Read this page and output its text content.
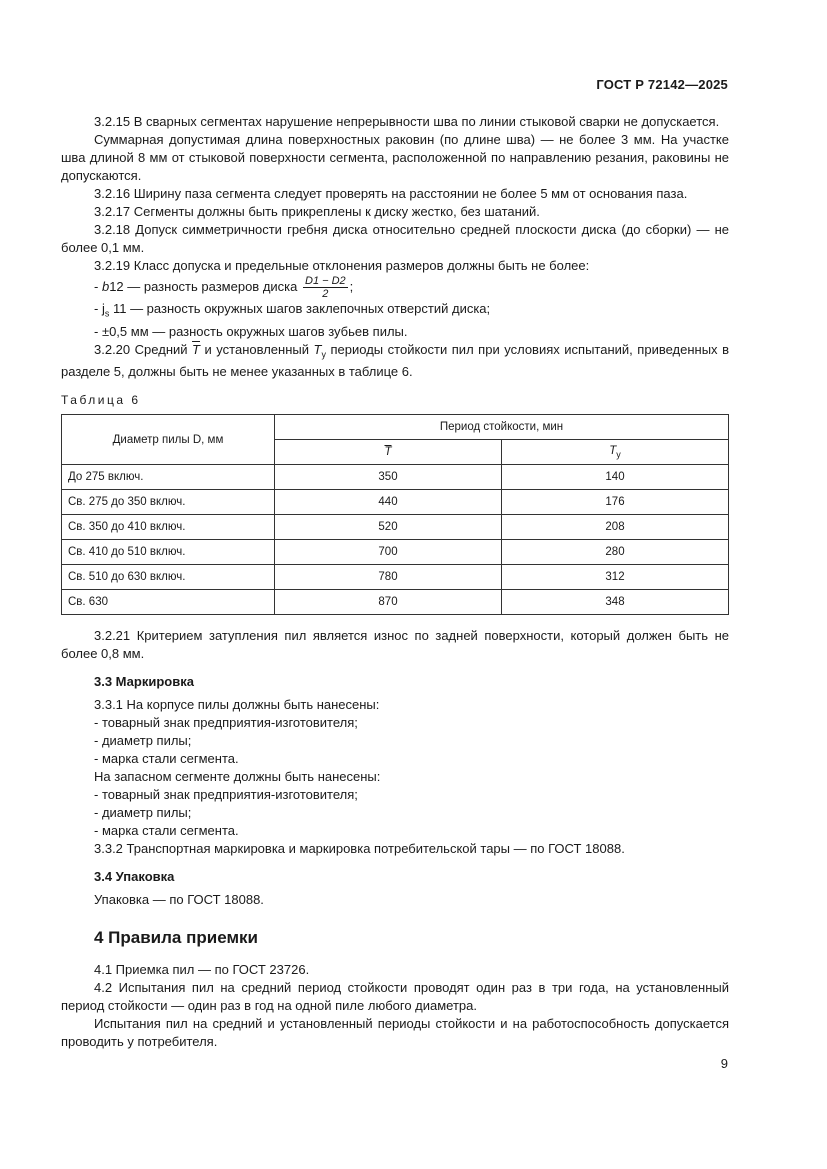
ГОСТ Р 72142—2025

3.2.15 В сварных сегментах нарушение непрерывности шва по линии стыковой сварки не допускается.

Суммарная допустимая длина поверхностных раковин (по длине шва) — не более 3 мм. На участке шва длиной 8 мм от стыковой поверхности сегмента, расположенной по направлению резания, раковины не допускаются.

3.2.16 Ширину паза сегмента следует проверять на расстоянии не более 5 мм от основания паза.

3.2.17 Сегменты должны быть прикреплены к диску жестко, без шатаний.

3.2.18 Допуск симметричности гребня диска относительно средней плоскости диска (до сборки) — не более 0,1 мм.

3.2.19 Класс допуска и предельные отклонения размеров должны быть не более:

- b12 — разность размеров диска $\frac{D1 - D2}{2}$ ;

- $j_s$ 11 — разность окружных шагов заклепочных отверстий диска;

- ±0,5 мм — разность окружных шагов зубьев пилы.

3.2.20 Средний $\overline{T}$ и установленный $T_у$ периоды стойкости пил при условиях испытаний, приведенных в разделе 5, должны быть не менее указанных в таблице 6.

Таблица 6

Диаметр пилы D, мм	Период стойкости, мин	
	$\overline{T}$	$T_у$
До 275 включ.	350	140
Св. 275 до 350 включ.	440	176
Св. 350 до 410 включ.	520	208
Св. 410 до 510 включ.	700	280
Св. 510 до 630 включ.	780	312
Св. 630	870	348

3.2.21 Критерием затупления пил является износ по задней поверхности, который должен быть не более 0,8 мм.

3.3 Маркировка

3.3.1 На корпусе пилы должны быть нанесены:

- товарный знак предприятия-изготовителя;

- диаметр пилы;

- марка стали сегмента.

На запасном сегменте должны быть нанесены:

- товарный знак предприятия-изготовителя;

- диаметр пилы;

- марка стали сегмента.

3.3.2 Транспортная маркировка и маркировка потребительской тары — по ГОСТ 18088.

3.4 Упаковка

Упаковка — по ГОСТ 18088.

4 Правила приемки

4.1 Приемка пил — по ГОСТ 23726.

4.2 Испытания пил на средний период стойкости проводят один раз в три года, на установленный период стойкости — один раз в год на одной пиле любого диаметра.

Испытания пил на средний и установленный периоды стойкости и на работоспособность допускается проводить у потребителя.

9
